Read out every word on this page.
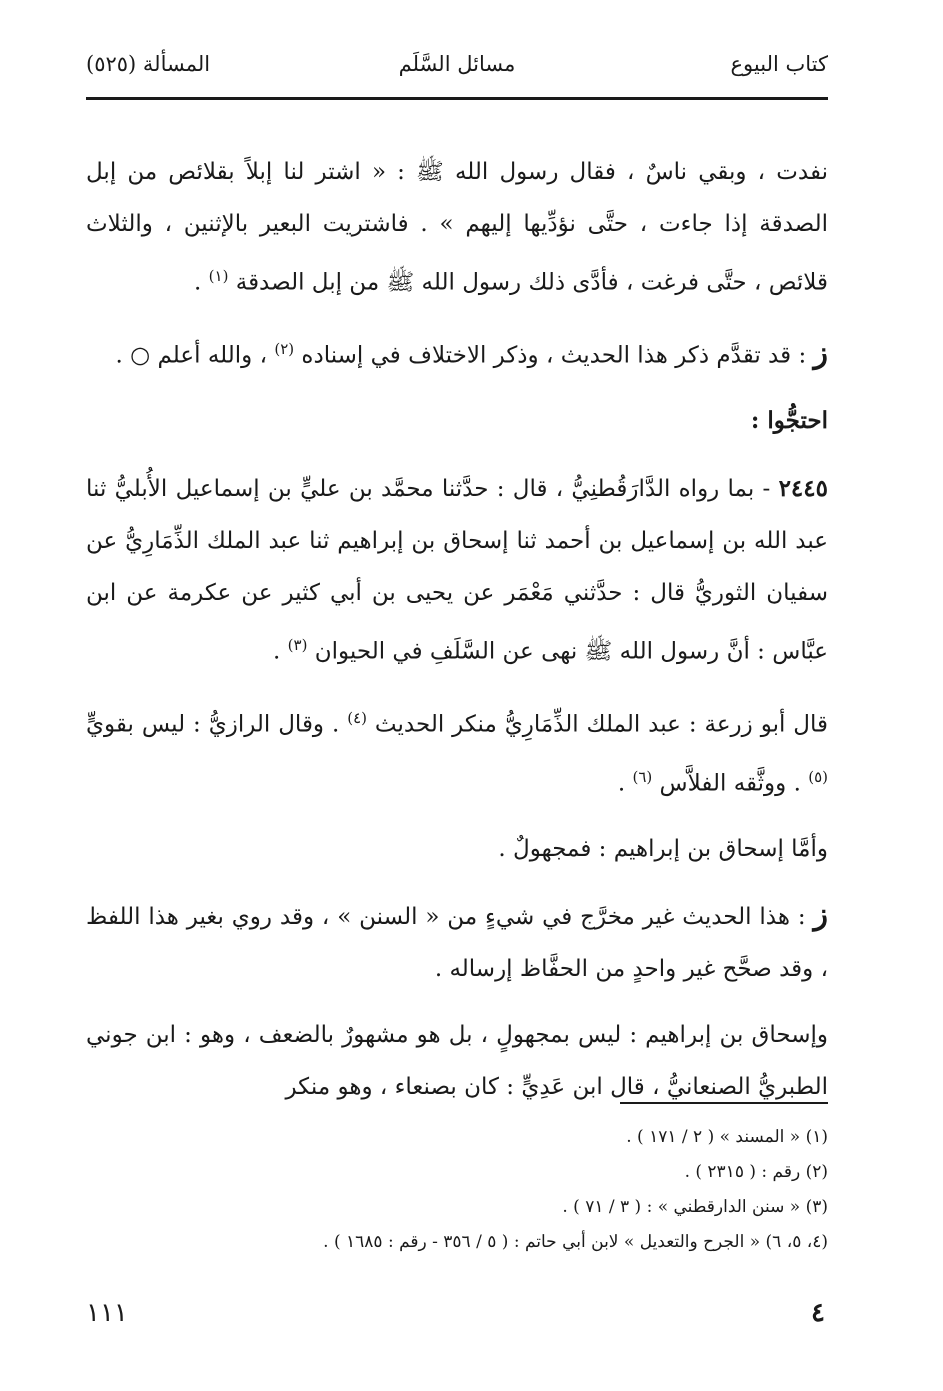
كتاب البيوع
مسائل السَّلَم
المسألة (٥٢٥)

نفدت ، وبقي ناسٌ ، فقال رسول الله ﷺ : « اشتر لنا إبلاً بقلائص من إبل الصدقة إذا جاءت ، حتَّى نؤدِّيها إليهم » . فاشتريت البعير بالإثنين ، والثلاث قلائص ، حتَّى فرغت ، فأدَّى ذلك رسول الله ﷺ من إبل الصدقة $^{(١)}$ .

ز : قد تقدَّم ذكر هذا الحديث ، وذكر الاختلاف في إسناده $^{(٢)}$ ، والله أعلم ○ .

احتجُّوا :

٢٤٤٥ - بما رواه الدَّارَقُطنِيُّ ، قال : حدَّثنا محمَّد بن عليٍّ بن إسماعيل الأُبليُّ ثنا عبد الله بن إسماعيل بن أحمد ثنا إسحاق بن إبراهيم ثنا عبد الملك الذِّمَارِيُّ عن سفيان الثوريُّ قال : حدَّثني مَعْمَر عن يحيى بن أبي كثير عن عكرمة عن ابن عبَّاس : أنَّ رسول الله ﷺ نهى عن السَّلَفِ في الحيوان $^{(٣)}$ .

قال أبو زرعة : عبد الملك الذِّمَارِيُّ منكر الحديث $^{(٤)}$ . وقال الرازيُّ : ليس بقويٍّ $^{(٥)}$ . ووثَّقه الفلاَّس $^{(٦)}$ .

وأمَّا إسحاق بن إبراهيم : فمجهولٌ .

ز : هذا الحديث غير مخرَّج في شيءٍ من « السنن » ، وقد روي بغير هذا اللفظ ، وقد صحَّح غير واحدٍ من الحفَّاظ إرساله .

وإسحاق بن إبراهيم : ليس بمجهولٍ ، بل هو مشهورٌ بالضعف ، وهو : ابن جوني الطبريُّ الصنعانيُّ ، قال ابن عَدِيٍّ : كان بصنعاء ، وهو منكر

(١) « المسند » ( ٢ / ١٧١ ) .
(٢) رقم : ( ٢٣١٥ ) .
(٣) « سنن الدارقطني » : ( ٣ / ٧١ ) .
(٤، ٥، ٦) « الجرح والتعديل » لابن أبي حاتم : ( ٥ / ٣٥٦ - رقم : ١٦٨٥ ) .
١١١	٤
